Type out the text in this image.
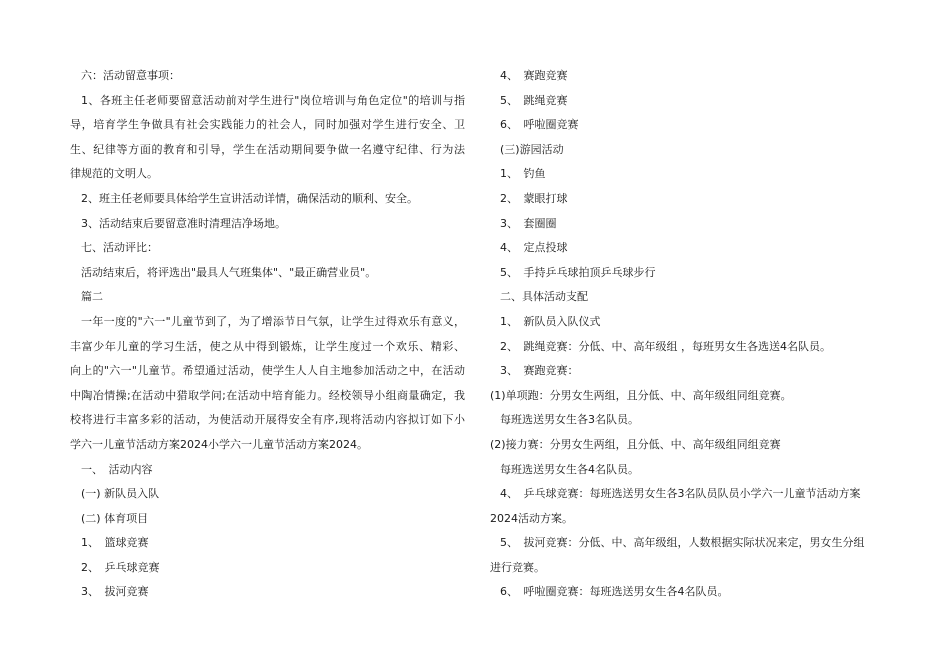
六：活动留意事项：
1、各班主任老师要留意活动前对学生进行"岗位培训与角色定位"的培训与指
导，培育学生争做具有社会实践能力的社会人，同时加强对学生进行安全、卫
生、纪律等方面的教育和引导，学生在活动期间要争做一名遵守纪律、行为法
律规范的文明人。
2、班主任老师要具体给学生宣讲活动详情，确保活动的顺利、安全。
3、活动结束后要留意准时清理洁净场地。
七、活动评比：
活动结束后，将评选出"最具人气班集体"、"最正确营业员"。
篇二
一年一度的"六一"儿童节到了，为了增添节日气氛，让学生过得欢乐有意义，
丰富少年儿童的学习生活，使之从中得到锻炼，让学生度过一个欢乐、精彩、
向上的"六一"儿童节。希望通过活动，使学生人人自主地参加活动之中，在活动
中陶冶情操;在活动中猎取学问;在活动中培育能力。经校领导小组商量确定，我
校将进行丰富多彩的活动，为使活动开展得安全有序,现将活动内容拟订如下小
学六一儿童节活动方案2024小学六一儿童节活动方案2024。
一、　活动内容
(一) 新队员入队
(二) 体育项目
1、　篮球竞赛
2、　乒乓球竞赛
3、　拔河竞赛
4、　赛跑竞赛
5、　跳绳竞赛
6、　呼啦圈竞赛
(三)游园活动
1、　钓鱼
2、　蒙眼打球
3、　套圈圈
4、　定点投球
5、　手持乒乓球拍顶乒乓球步行
二、具体活动支配
1、　新队员入队仪式
2、　跳绳竞赛：分低、中、高年级组 ，每班男女生各选送4名队员。
3、　赛跑竞赛：
(1)单项跑：分男女生两组，且分低、中、高年级组同组竞赛。
每班选送男女生各3名队员。
(2)接力赛：分男女生两组，且分低、中、高年级组同组竞赛
每班选送男女生各4名队员。
4、　乒乓球竞赛：每班选送男女生各3名队员队员小学六一儿童节活动方案
2024活动方案。
5、　拔河竞赛：分低、中、高年级组，人数根据实际状况来定，男女生分组
进行竞赛。
6、　呼啦圈竞赛：每班选送男女生各4名队员。
